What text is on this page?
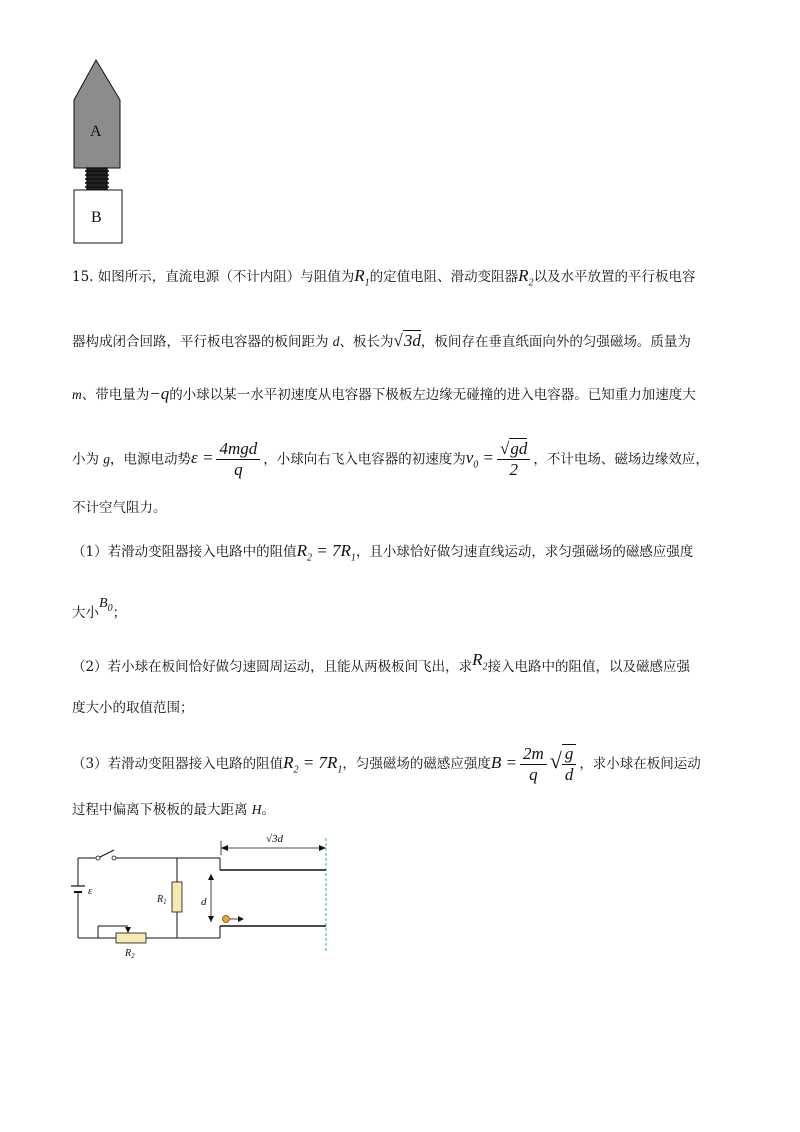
A
B
15. 如图所示，直流电源（不计内阻）与阻值为$R_1$的定值电阻、滑动变阻器$R_2$以及水平放置的平行板电容
器构成闭合回路，平行板电容器的板间距为 d、板长为√3d，板间存在垂直纸面向外的匀强磁场。质量为
m、带电量为−q的小球以某一水平初速度从电容器下极板左边缘无碰撞的进入电容器。已知重力加速度大
小为 g，电源电动势$\varepsilon = \frac{\text{4mgd}}{q}$ ，小球向右飞入电容器的初速度为$v_0 = \frac{√gd}{2}$ ，不计电场、磁场边缘效应，
不计空气阻力。
（1）若滑动变阻器接入电路中的阻值$R_2 = 7R_1$，且小球恰好做匀速直线运动，求匀强磁场的磁感应强度
大小$B_0$；
（2）若小球在板间恰好做匀速圆周运动，且能从两极板间飞出，求$R_2$接入电路中的阻值，以及磁感应强
度大小的取值范围；
（3）若滑动变阻器接入电路的阻值$R_2 = 7R_1$，匀强磁场的磁感应强度$B = \frac{2m}{q}$ √ $\frac{g}{d}$ ，求小球在板间运动
过程中偏离下极板的最大距离 H。
√3d
ε
$R_1$
$R_2$
d
